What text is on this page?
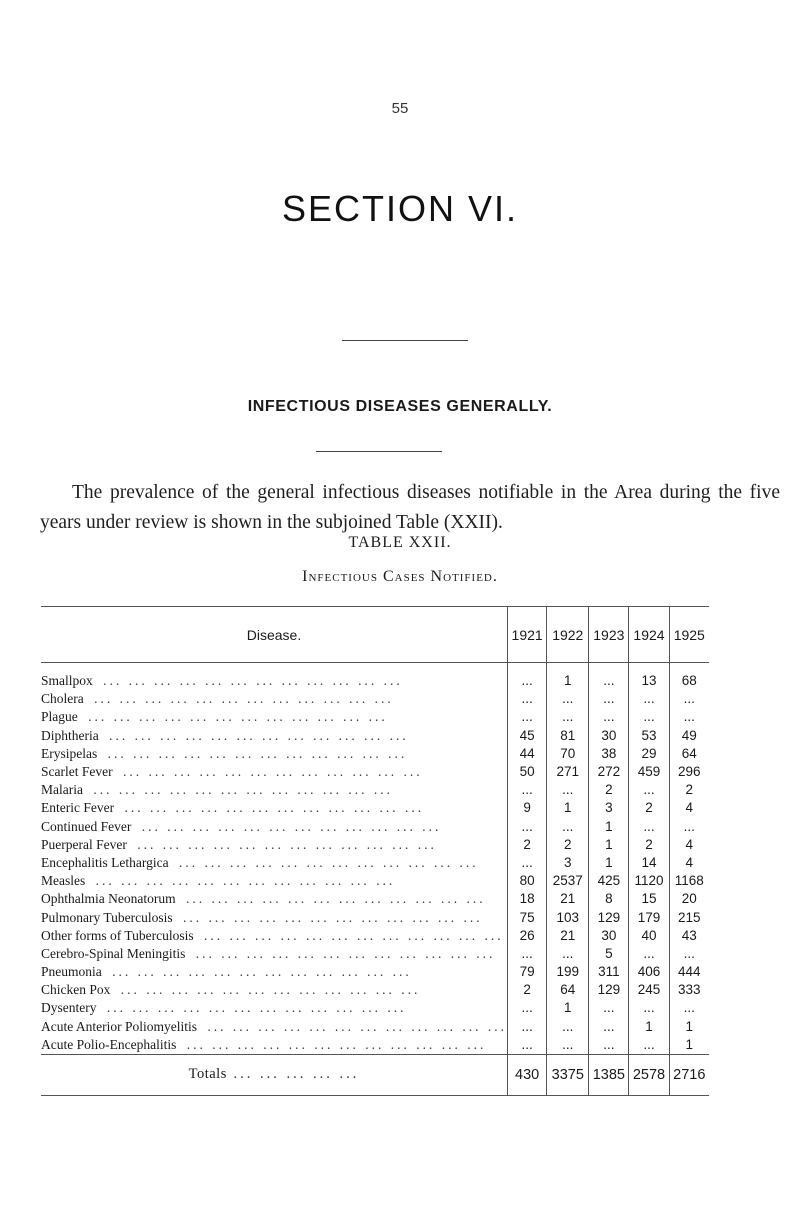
55
SECTION VI.
INFECTIOUS DISEASES GENERALLY.

The prevalence of the general infectious diseases notifiable in the Area during the five years under review is shown in the subjoined Table (XXII).

TABLE XXII.
Infectious Cases Notified.
Disease.	1921	1922	1923	1924	1925
Smallpox ... ... ... ... ... ... ... ... ... ... ... ...	...	1	...	13	68
Cholera ... ... ... ... ... ... ... ... ... ... ... ...	...	...	...	...	...
Plague ... ... ... ... ... ... ... ... ... ... ... ...	...	...	...	...	...
Diphtheria ... ... ... ... ... ... ... ... ... ... ... ...	45	81	30	53	49
Erysipelas ... ... ... ... ... ... ... ... ... ... ... ...	44	70	38	29	64
Scarlet Fever ... ... ... ... ... ... ... ... ... ... ... ...	50	271	272	459	296
Malaria ... ... ... ... ... ... ... ... ... ... ... ...	...	...	2	...	2
Enteric Fever ... ... ... ... ... ... ... ... ... ... ... ...	9	1	3	2	4
Continued Fever ... ... ... ... ... ... ... ... ... ... ... ...	...	...	1	...	...
Puerperal Fever ... ... ... ... ... ... ... ... ... ... ... ...	2	2	1	2	4
Encephalitis Lethargica ... ... ... ... ... ... ... ... ... ... ... ...	...	3	1	14	4
Measles ... ... ... ... ... ... ... ... ... ... ... ...	80	2537	425	1120	1168
Ophthalmia Neonatorum ... ... ... ... ... ... ... ... ... ... ... ...	18	21	8	15	20
Pulmonary Tuberculosis ... ... ... ... ... ... ... ... ... ... ... ...	75	103	129	179	215
Other forms of Tuberculosis ... ... ... ... ... ... ... ... ... ... ... ...	26	21	30	40	43
Cerebro-Spinal Meningitis ... ... ... ... ... ... ... ... ... ... ... ...	...	...	5	...	...
Pneumonia ... ... ... ... ... ... ... ... ... ... ... ...	79	199	311	406	444
Chicken Pox ... ... ... ... ... ... ... ... ... ... ... ...	2	64	129	245	333
Dysentery ... ... ... ... ... ... ... ... ... ... ... ...	...	1	...	...	...
Acute Anterior Poliomyelitis ... ... ... ... ... ... ... ... ... ... ... ...	...	...	...	1	1
Acute Polio-Encephalitis ... ... ... ... ... ... ... ... ... ... ... ...	...	...	...	...	1
Totals ... ... ... ... ...	430	3375	1385	2578	2716
